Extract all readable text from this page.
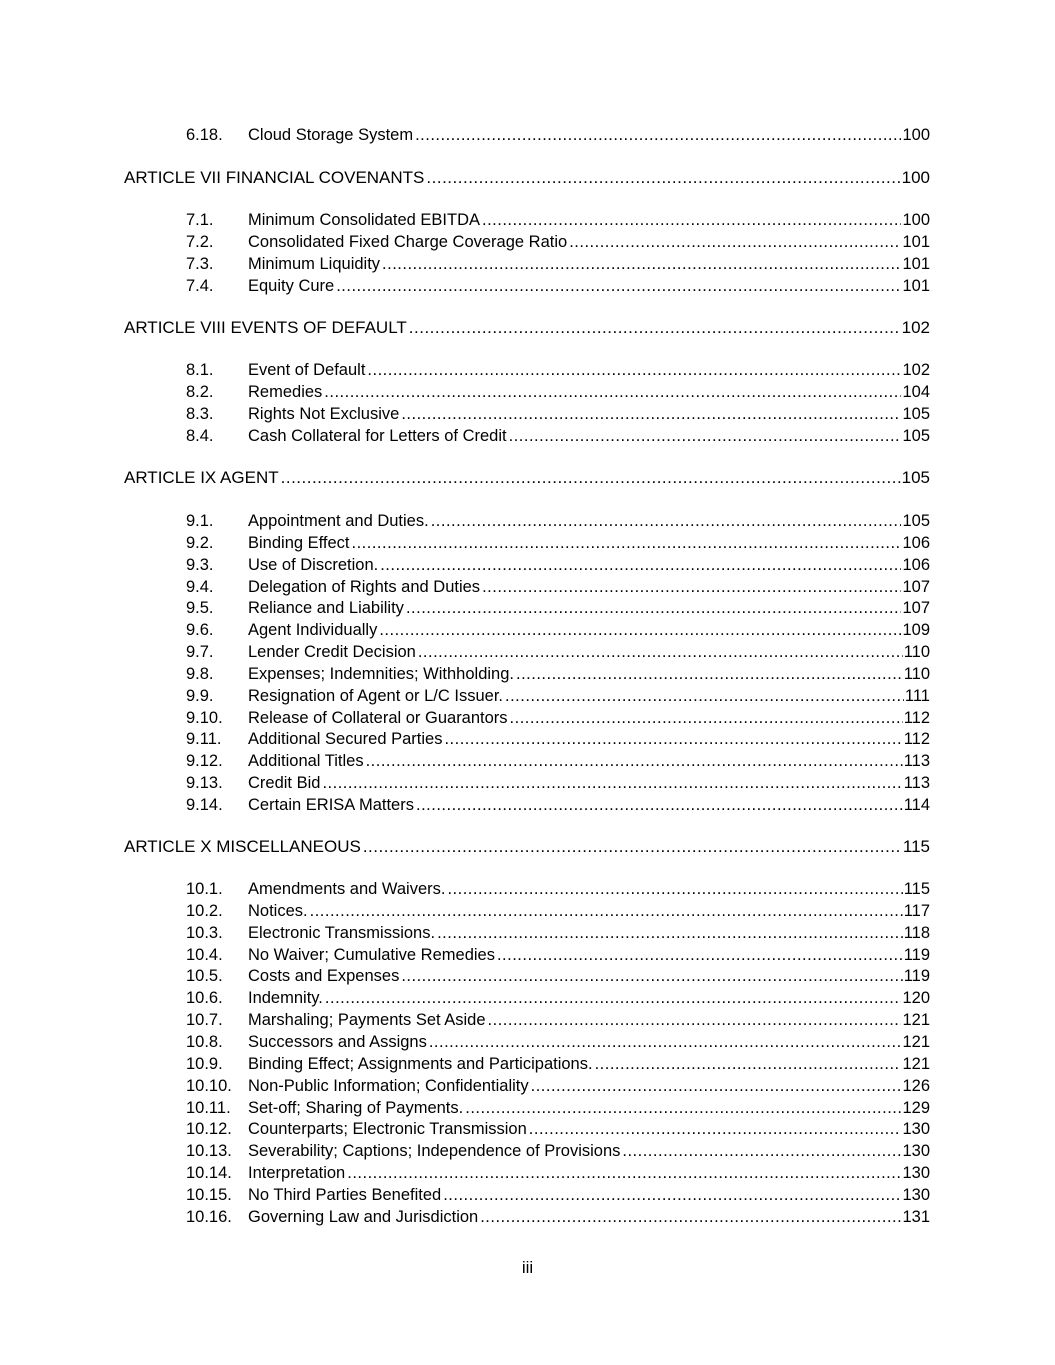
6.18.	Cloud Storage System .....	100
ARTICLE VII FINANCIAL COVENANTS .....	100
7.1.	Minimum Consolidated EBITDA .....	100
7.2.	Consolidated Fixed Charge Coverage Ratio .....	101
7.3.	Minimum Liquidity .....	101
7.4.	Equity Cure .....	101
ARTICLE VIII EVENTS OF DEFAULT .....	102
8.1.	Event of Default .....	102
8.2.	Remedies .....	104
8.3.	Rights Not Exclusive .....	105
8.4.	Cash Collateral for Letters of Credit .....	105
ARTICLE IX AGENT .....	105
9.1.	Appointment and Duties. .....	105
9.2.	Binding Effect .....	106
9.3.	Use of Discretion. .....	106
9.4.	Delegation of Rights and Duties .....	107
9.5.	Reliance and Liability .....	107
9.6.	Agent Individually .....	109
9.7.	Lender Credit Decision .....	110
9.8.	Expenses; Indemnities; Withholding. .....	110
9.9.	Resignation of Agent or L/C Issuer. .....	111
9.10.	Release of Collateral or Guarantors .....	112
9.11.	Additional Secured Parties .....	112
9.12.	Additional Titles .....	113
9.13.	Credit Bid .....	113
9.14.	Certain ERISA Matters .....	114
ARTICLE X MISCELLANEOUS .....	115
10.1.	Amendments and Waivers. .....	115
10.2.	Notices. .....	117
10.3.	Electronic Transmissions. .....	118
10.4.	No Waiver; Cumulative Remedies .....	119
10.5.	Costs and Expenses .....	119
10.6.	Indemnity. .....	120
10.7.	Marshaling; Payments Set Aside .....	121
10.8.	Successors and Assigns .....	121
10.9.	Binding Effect; Assignments and Participations. .....	121
10.10. Non-Public Information; Confidentiality .....	126
10.11.	Set-off; Sharing of Payments. .....	129
10.12. Counterparts; Electronic Transmission .....	130
10.13. Severability; Captions; Independence of Provisions .....	130
10.14. Interpretation .....	130
10.15. No Third Parties Benefited .....	130
10.16. Governing Law and Jurisdiction .....	131
iii
